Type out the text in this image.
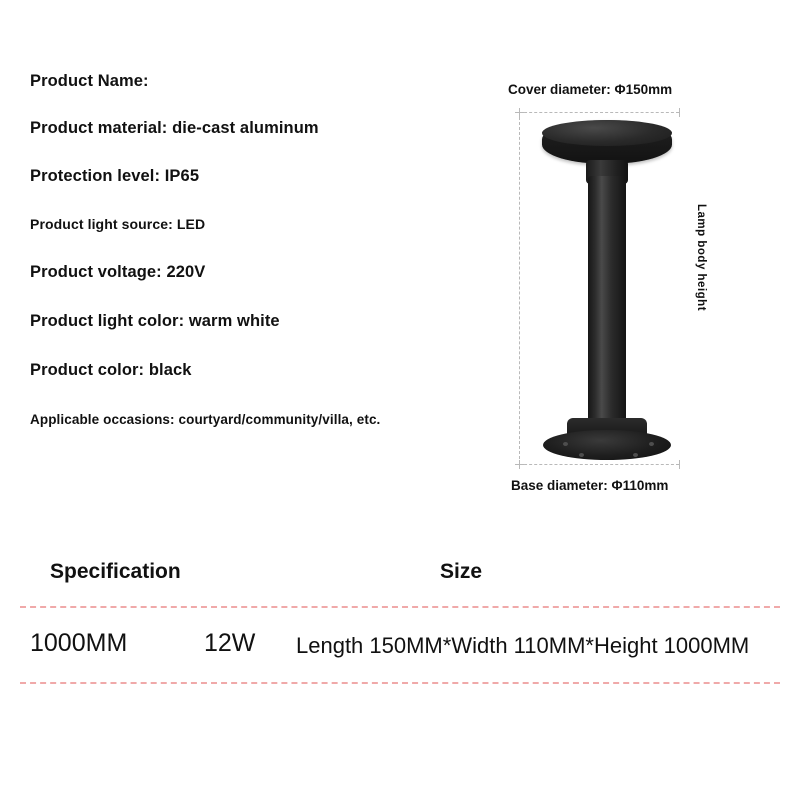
Product Name:
Product material: die-cast aluminum
Protection level: IP65
Product light source: LED
Product voltage: 220V
Product light color: warm white
Product color: black
Applicable occasions: courtyard/community/villa, etc.
Cover diameter: Φ150mm
Lamp body height
Base diameter: Φ110mm
Specification	Size
1000MM	12W Length 150MM*Width 110MM*Height 1000MM
